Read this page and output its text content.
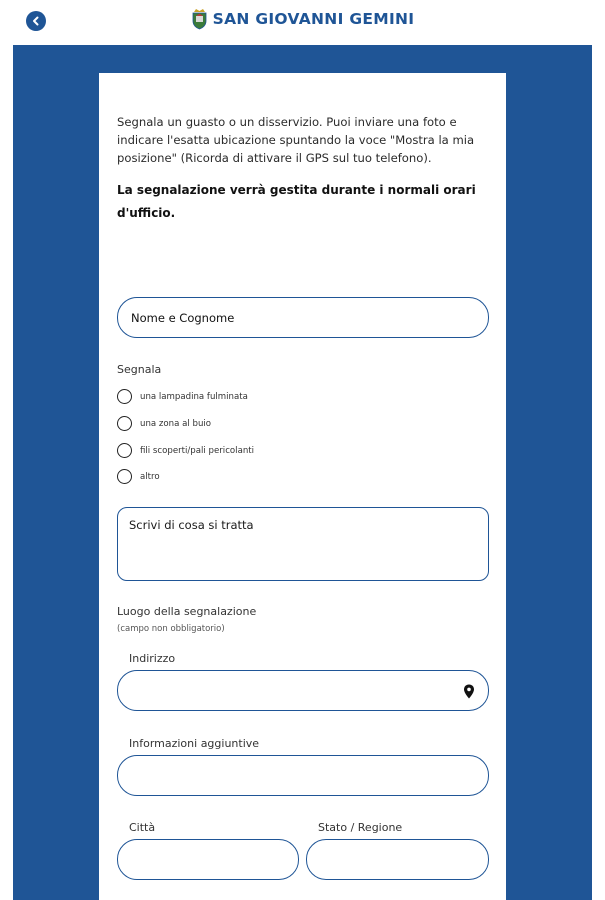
SAN GIOVANNI GEMINI

Segnala un guasto o un disservizio. Puoi inviare una foto e indicare l'esatta ubicazione spuntando la voce "Mostra la mia posizione" (Ricorda di attivare il GPS sul tuo telefono).

La segnalazione verrà gestita durante i normali orari d'ufficio.

Nome e Cognome
Segnala
una lampadina fulminata
una zona al buio
fili scoperti/pali pericolanti
altro
Scrivi di cosa si tratta
Luogo della segnalazione
(campo non obbligatorio)
Indirizzo
Informazioni aggiuntive
Città	Stato / Regione
